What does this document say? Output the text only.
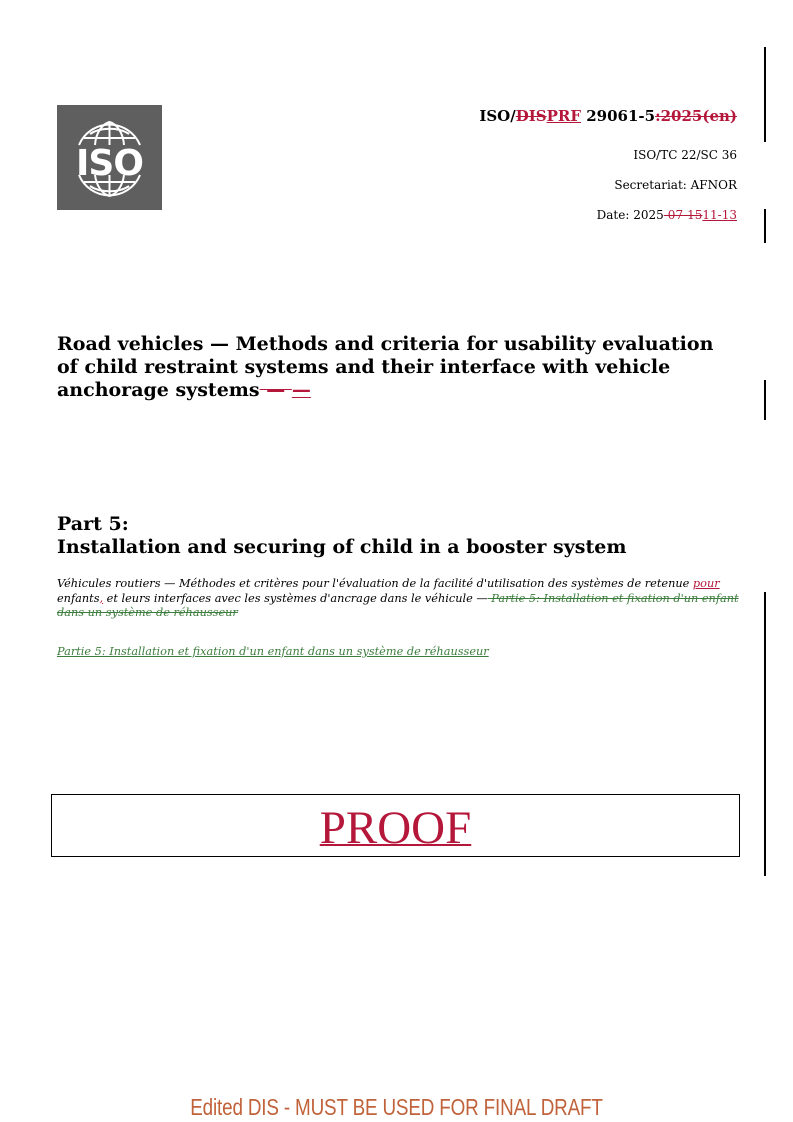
ISO
ISO/DISPRF 29061-5:2025(en)
ISO/TC 22/SC 36
Secretariat: AFNOR
Date: 2025-07-1511-13
Road vehicles — Methods and criteria for usability evaluation of child restraint systems and their interface with vehicle anchorage systems — —
Part 5:
Installation and securing of child in a booster system
Véhicules routiers — Méthodes et critères pour l'évaluation de la facilité d'utilisation des systèmes de retenue pour enfants, et leurs interfaces avec les systèmes d'ancrage dans le véhicule — Partie 5: Installation et fixation d'un enfant dans un système de réhausseur
Partie 5: Installation et fixation d'un enfant dans un système de réhausseur
PROOF
Edited DIS - MUST BE USED FOR FINAL DRAFT
